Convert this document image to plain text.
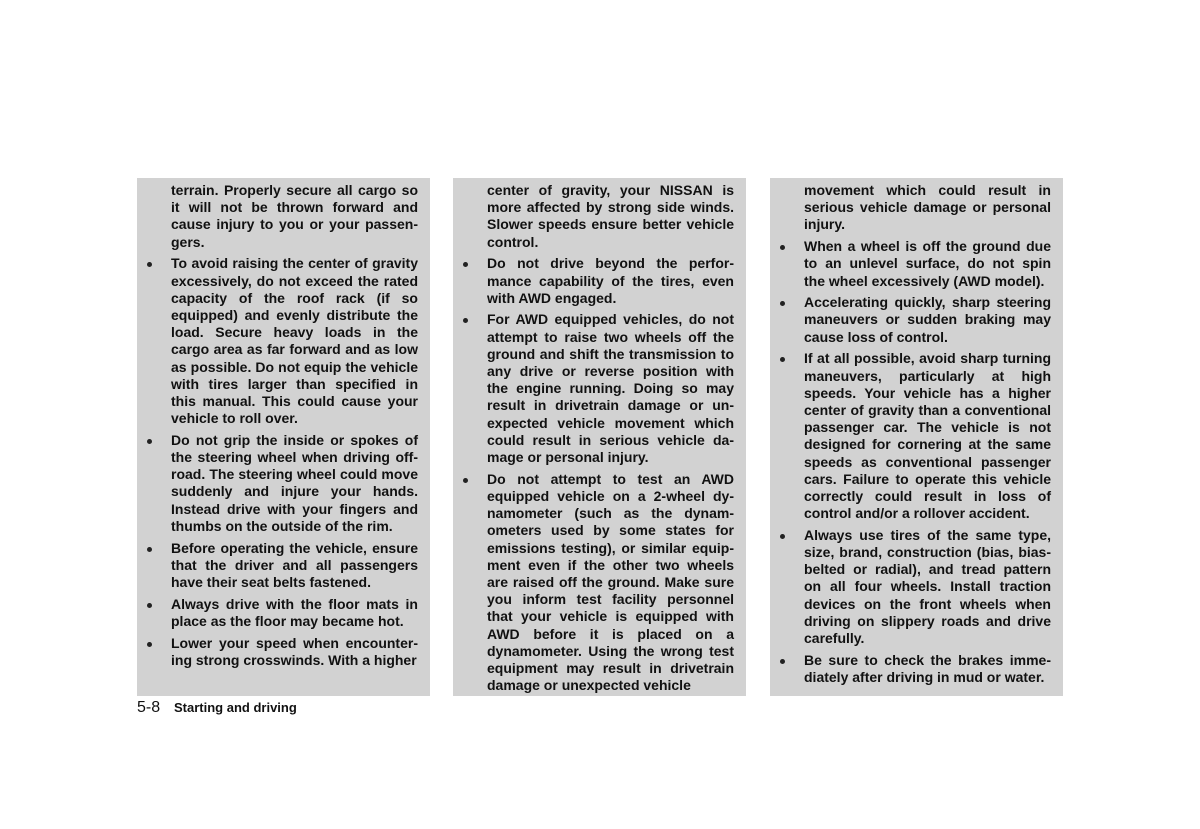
terrain. Properly secure all cargo so it will not be thrown forward and cause injury to you or your passengers.

To avoid raising the center of gravity excessively, do not exceed the rated capacity of the roof rack (if so equipped) and evenly distribute the load. Secure heavy loads in the cargo area as far forward and as low as possible. Do not equip the vehicle with tires larger than specified in this manual. This could cause your vehicle to roll over.
Do not grip the inside or spokes of the steering wheel when driving off-road. The steering wheel could move suddenly and injure your hands. Instead drive with your fingers and thumbs on the outside of the rim.
Before operating the vehicle, ensure that the driver and all passengers have their seat belts fastened.
Always drive with the floor mats in place as the floor may became hot.
Lower your speed when encountering strong crosswinds. With a higher

center of gravity, your NISSAN is more affected by strong side winds. Slower speeds ensure better vehicle control.

Do not drive beyond the performance capability of the tires, even with AWD engaged.
For AWD equipped vehicles, do not attempt to raise two wheels off the ground and shift the transmission to any drive or reverse position with the engine running. Doing so may result in drivetrain damage or unexpected vehicle movement which could result in serious vehicle damage or personal injury.
Do not attempt to test an AWD equipped vehicle on a 2-wheel dynamometer (such as the dynamometers used by some states for emissions testing), or similar equipment even if the other two wheels are raised off the ground. Make sure you inform test facility personnel that your vehicle is equipped with AWD before it is placed on a dynamometer. Using the wrong test equipment may result in drivetrain damage or unexpected vehicle

movement which could result in serious vehicle damage or personal injury.

When a wheel is off the ground due to an unlevel surface, do not spin the wheel excessively (AWD model).
Accelerating quickly, sharp steering maneuvers or sudden braking may cause loss of control.
If at all possible, avoid sharp turning maneuvers, particularly at high speeds. Your vehicle has a higher center of gravity than a conventional passenger car. The vehicle is not designed for cornering at the same speeds as conventional passenger cars. Failure to operate this vehicle correctly could result in loss of control and/or a rollover accident.
Always use tires of the same type, size, brand, construction (bias, bias-belted or radial), and tread pattern on all four wheels. Install traction devices on the front wheels when driving on slippery roads and drive carefully.
Be sure to check the brakes immediately after driving in mud or water.
5-8 Starting and driving
